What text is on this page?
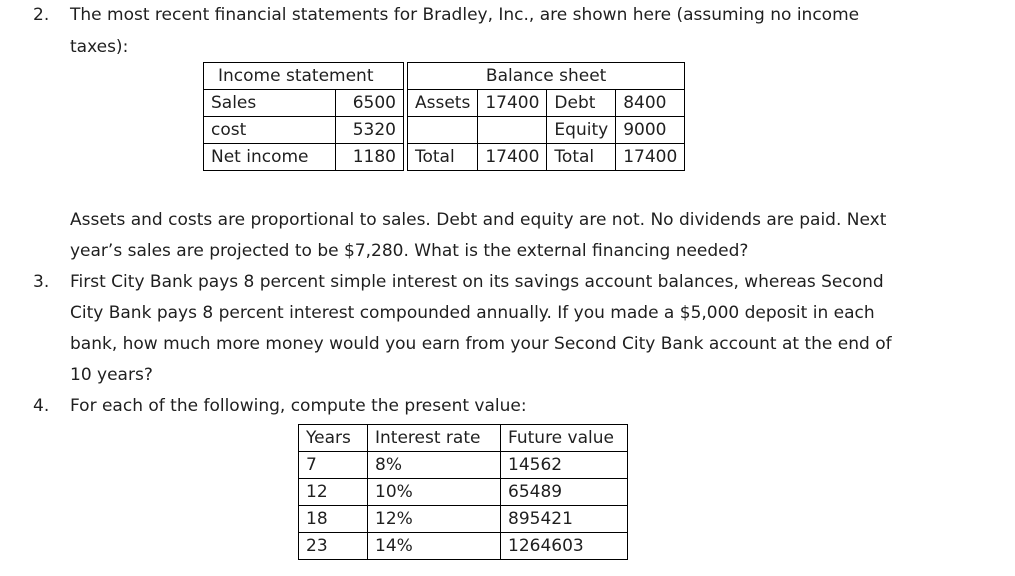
2. The most recent financial statements for Bradley, Inc., are shown here (assuming no income
taxes):
Income statement			Balance sheet			
Sales	6500		Assets	17400	Debt	8400
cost	5320				Equity	9000
Net income	1180		Total	17400	Total	17400
Assets and costs are proportional to sales. Debt and equity are not. No dividends are paid. Next
year’s sales are projected to be $7,280. What is the external financing needed?
3. First City Bank pays 8 percent simple interest on its savings account balances, whereas Second
City Bank pays 8 percent interest compounded annually. If you made a $5,000 deposit in each
bank, how much more money would you earn from your Second City Bank account at the end of
10 years?
4. For each of the following, compute the present value:
Years	Interest rate	Future value
7	8%	14562
12	10%	65489
18	12%	895421
23	14%	1264603
